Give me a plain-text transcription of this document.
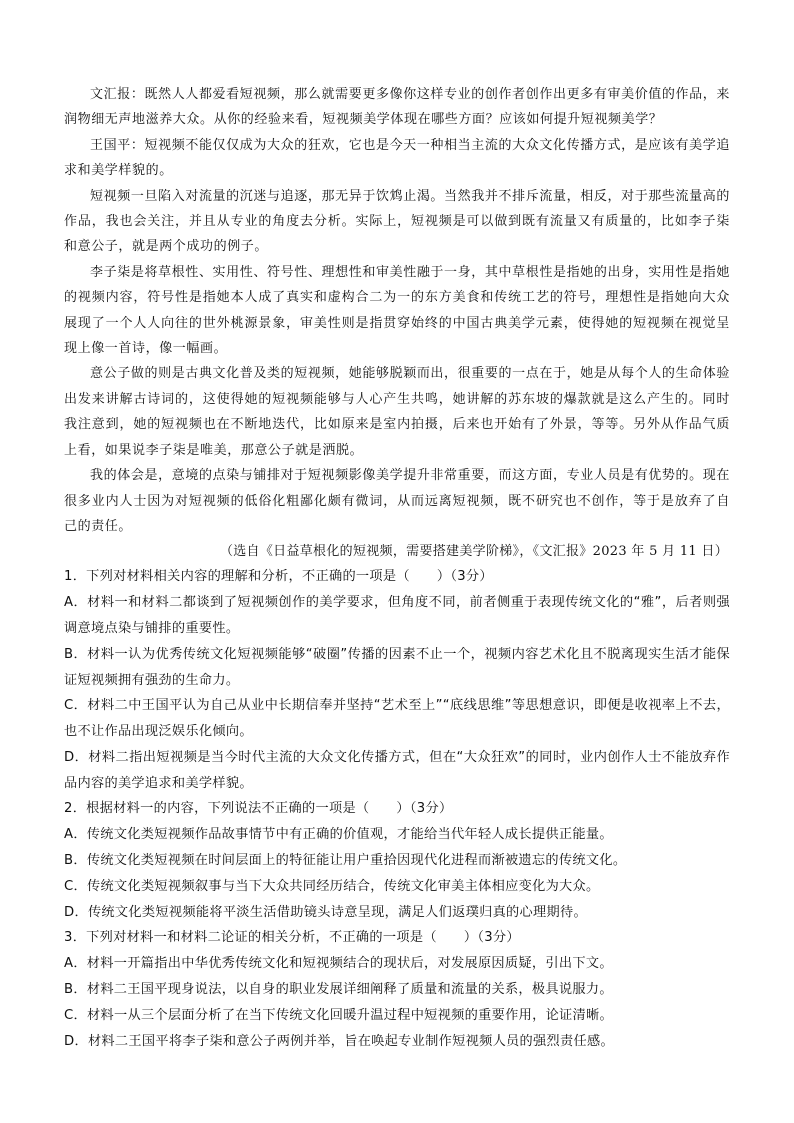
文汇报：既然人人都爱看短视频，那么就需要更多像你这样专业的创作者创作出更多有审美价值的作品，来润物细无声地滋养大众。从你的经验来看，短视频美学体现在哪些方面？应该如何提升短视频美学？

王国平：短视频不能仅仅成为大众的狂欢，它也是今天一种相当主流的大众文化传播方式，是应该有美学追求和美学样貌的。

短视频一旦陷入对流量的沉迷与追逐，那无异于饮鸩止渴。当然我并不排斥流量，相反，对于那些流量高的作品，我也会关注，并且从专业的角度去分析。实际上，短视频是可以做到既有流量又有质量的，比如李子柒和意公子，就是两个成功的例子。

李子柒是将草根性、实用性、符号性、理想性和审美性融于一身，其中草根性是指她的出身，实用性是指她的视频内容，符号性是指她本人成了真实和虚构合二为一的东方美食和传统工艺的符号，理想性是指她向大众展现了一个人人向往的世外桃源景象，审美性则是指贯穿始终的中国古典美学元素，使得她的短视频在视觉呈现上像一首诗，像一幅画。

意公子做的则是古典文化普及类的短视频，她能够脱颖而出，很重要的一点在于，她是从每个人的生命体验出发来讲解古诗词的，这使得她的短视频能够与人心产生共鸣，她讲解的苏东坡的爆款就是这么产生的。同时我注意到，她的短视频也在不断地迭代，比如原来是室内拍摄，后来也开始有了外景，等等。另外从作品气质上看，如果说李子柒是唯美，那意公子就是洒脱。

我的体会是，意境的点染与铺排对于短视频影像美学提升非常重要，而这方面，专业人员是有优势的。现在很多业内人士因为对短视频的低俗化粗鄙化颇有微词，从而远离短视频，既不研究也不创作，等于是放弃了自己的责任。

（选自《日益草根化的短视频，需要搭建美学阶梯》，《文汇报》2023 年 5 月 11 日）

1．下列对材料相关内容的理解和分析，不正确的一项是（　　）（3分）

A．材料一和材料二都谈到了短视频创作的美学要求，但角度不同，前者侧重于表现传统文化的“雅”，后者则强调意境点染与铺排的重要性。

B．材料一认为优秀传统文化短视频能够“破圈”传播的因素不止一个，视频内容艺术化且不脱离现实生活才能保证短视频拥有强劲的生命力。

C．材料二中王国平认为自己从业中长期信奉并坚持“艺术至上”“底线思维”等思想意识，即便是收视率上不去，也不让作品出现泛娱乐化倾向。

D．材料二指出短视频是当今时代主流的大众文化传播方式，但在“大众狂欢”的同时，业内创作人士不能放弃作品内容的美学追求和美学样貌。

2．根据材料一的内容，下列说法不正确的一项是（　　）（3分）

A．传统文化类短视频作品故事情节中有正确的价值观，才能给当代年轻人成长提供正能量。

B．传统文化类短视频在时间层面上的特征能让用户重拾因现代化进程而渐被遗忘的传统文化。

C．传统文化类短视频叙事与当下大众共同经历结合，传统文化审美主体相应变化为大众。

D．传统文化类短视频能将平淡生活借助镜头诗意呈现，满足人们返璞归真的心理期待。

3．下列对材料一和材料二论证的相关分析，不正确的一项是（　　）（3分）

A．材料一开篇指出中华优秀传统文化和短视频结合的现状后，对发展原因质疑，引出下文。

B．材料二王国平现身说法，以自身的职业发展详细阐释了质量和流量的关系，极具说服力。

C．材料一从三个层面分析了在当下传统文化回暖升温过程中短视频的重要作用，论证清晰。

D．材料二王国平将李子柒和意公子两例并举，旨在唤起专业制作短视频人员的强烈责任感。
